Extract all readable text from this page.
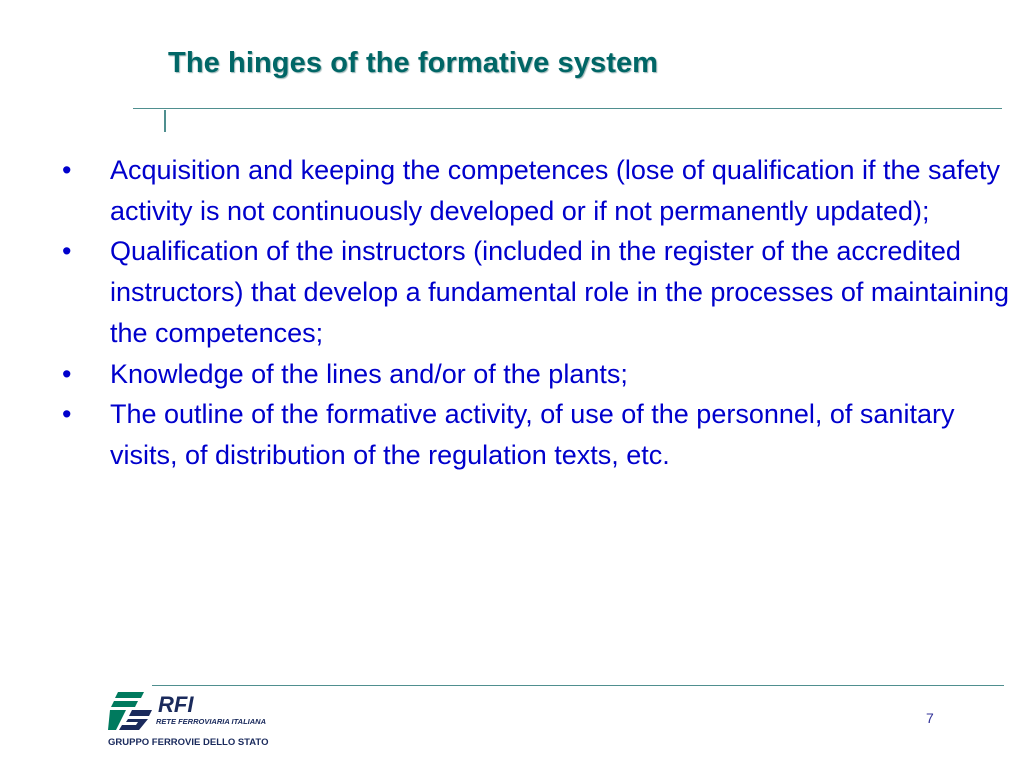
The hinges of the formative system
• Acquisition and keeping the competences (lose of qualification if the safety activity is not continuously developed or if not permanently updated);
• Qualification of the instructors (included in the register of the accredited instructors) that develop a fundamental role in the processes of maintaining the competences;
• Knowledge of the lines and/or of the plants;
• The outline of the formative activity, of use of the personnel, of sanitary visits, of distribution of the regulation texts, etc.
RFI
RETE FERROVIARIA ITALIANA
GRUPPO FERROVIE DELLO STATO
7
